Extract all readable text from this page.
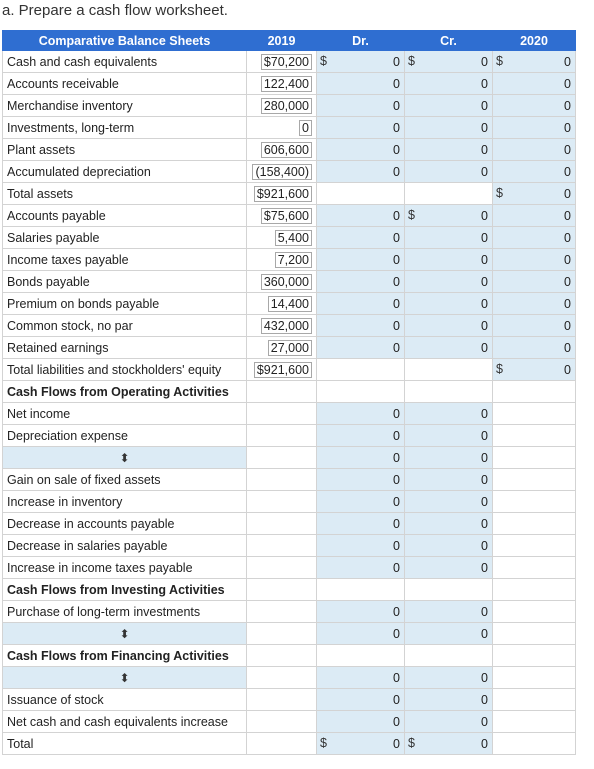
a. Prepare a cash flow worksheet.
Comparative Balance Sheets	2019	Dr.	Cr.	2020
Cash and cash equivalents	$70,200	$ 0	$ 0	$ 0
Accounts receivable	122,400	0	0	0
Merchandise inventory	280,000	0	0	0
Investments, long-term	0	0	0	0
Plant assets	606,600	0	0	0
Accumulated depreciation	(158,400)	0	0	0
Total assets	$921,600			$ 0
Accounts payable	$75,600	0	$ 0	0
Salaries payable	5,400	0	0	0
Income taxes payable	7,200	0	0	0
Bonds payable	360,000	0	0	0
Premium on bonds payable	14,400	0	0	0
Common stock, no par	432,000	0	0	0
Retained earnings	27,000	0	0	0
Total liabilities and stockholders' equity	$921,600			$ 0
Cash Flows from Operating Activities				
Net income		0	0	
Depreciation expense		0	0	
⬍		0	0	
Gain on sale of fixed assets		0	0	
Increase in inventory		0	0	
Decrease in accounts payable		0	0	
Decrease in salaries payable		0	0	
Increase in income taxes payable		0	0	
Cash Flows from Investing Activities				
Purchase of long-term investments		0	0	
⬍		0	0	
Cash Flows from Financing Activities				
⬍		0	0	
Issuance of stock		0	0	
Net cash and cash equivalents increase		0	0	
Total		$ 0	$ 0	
